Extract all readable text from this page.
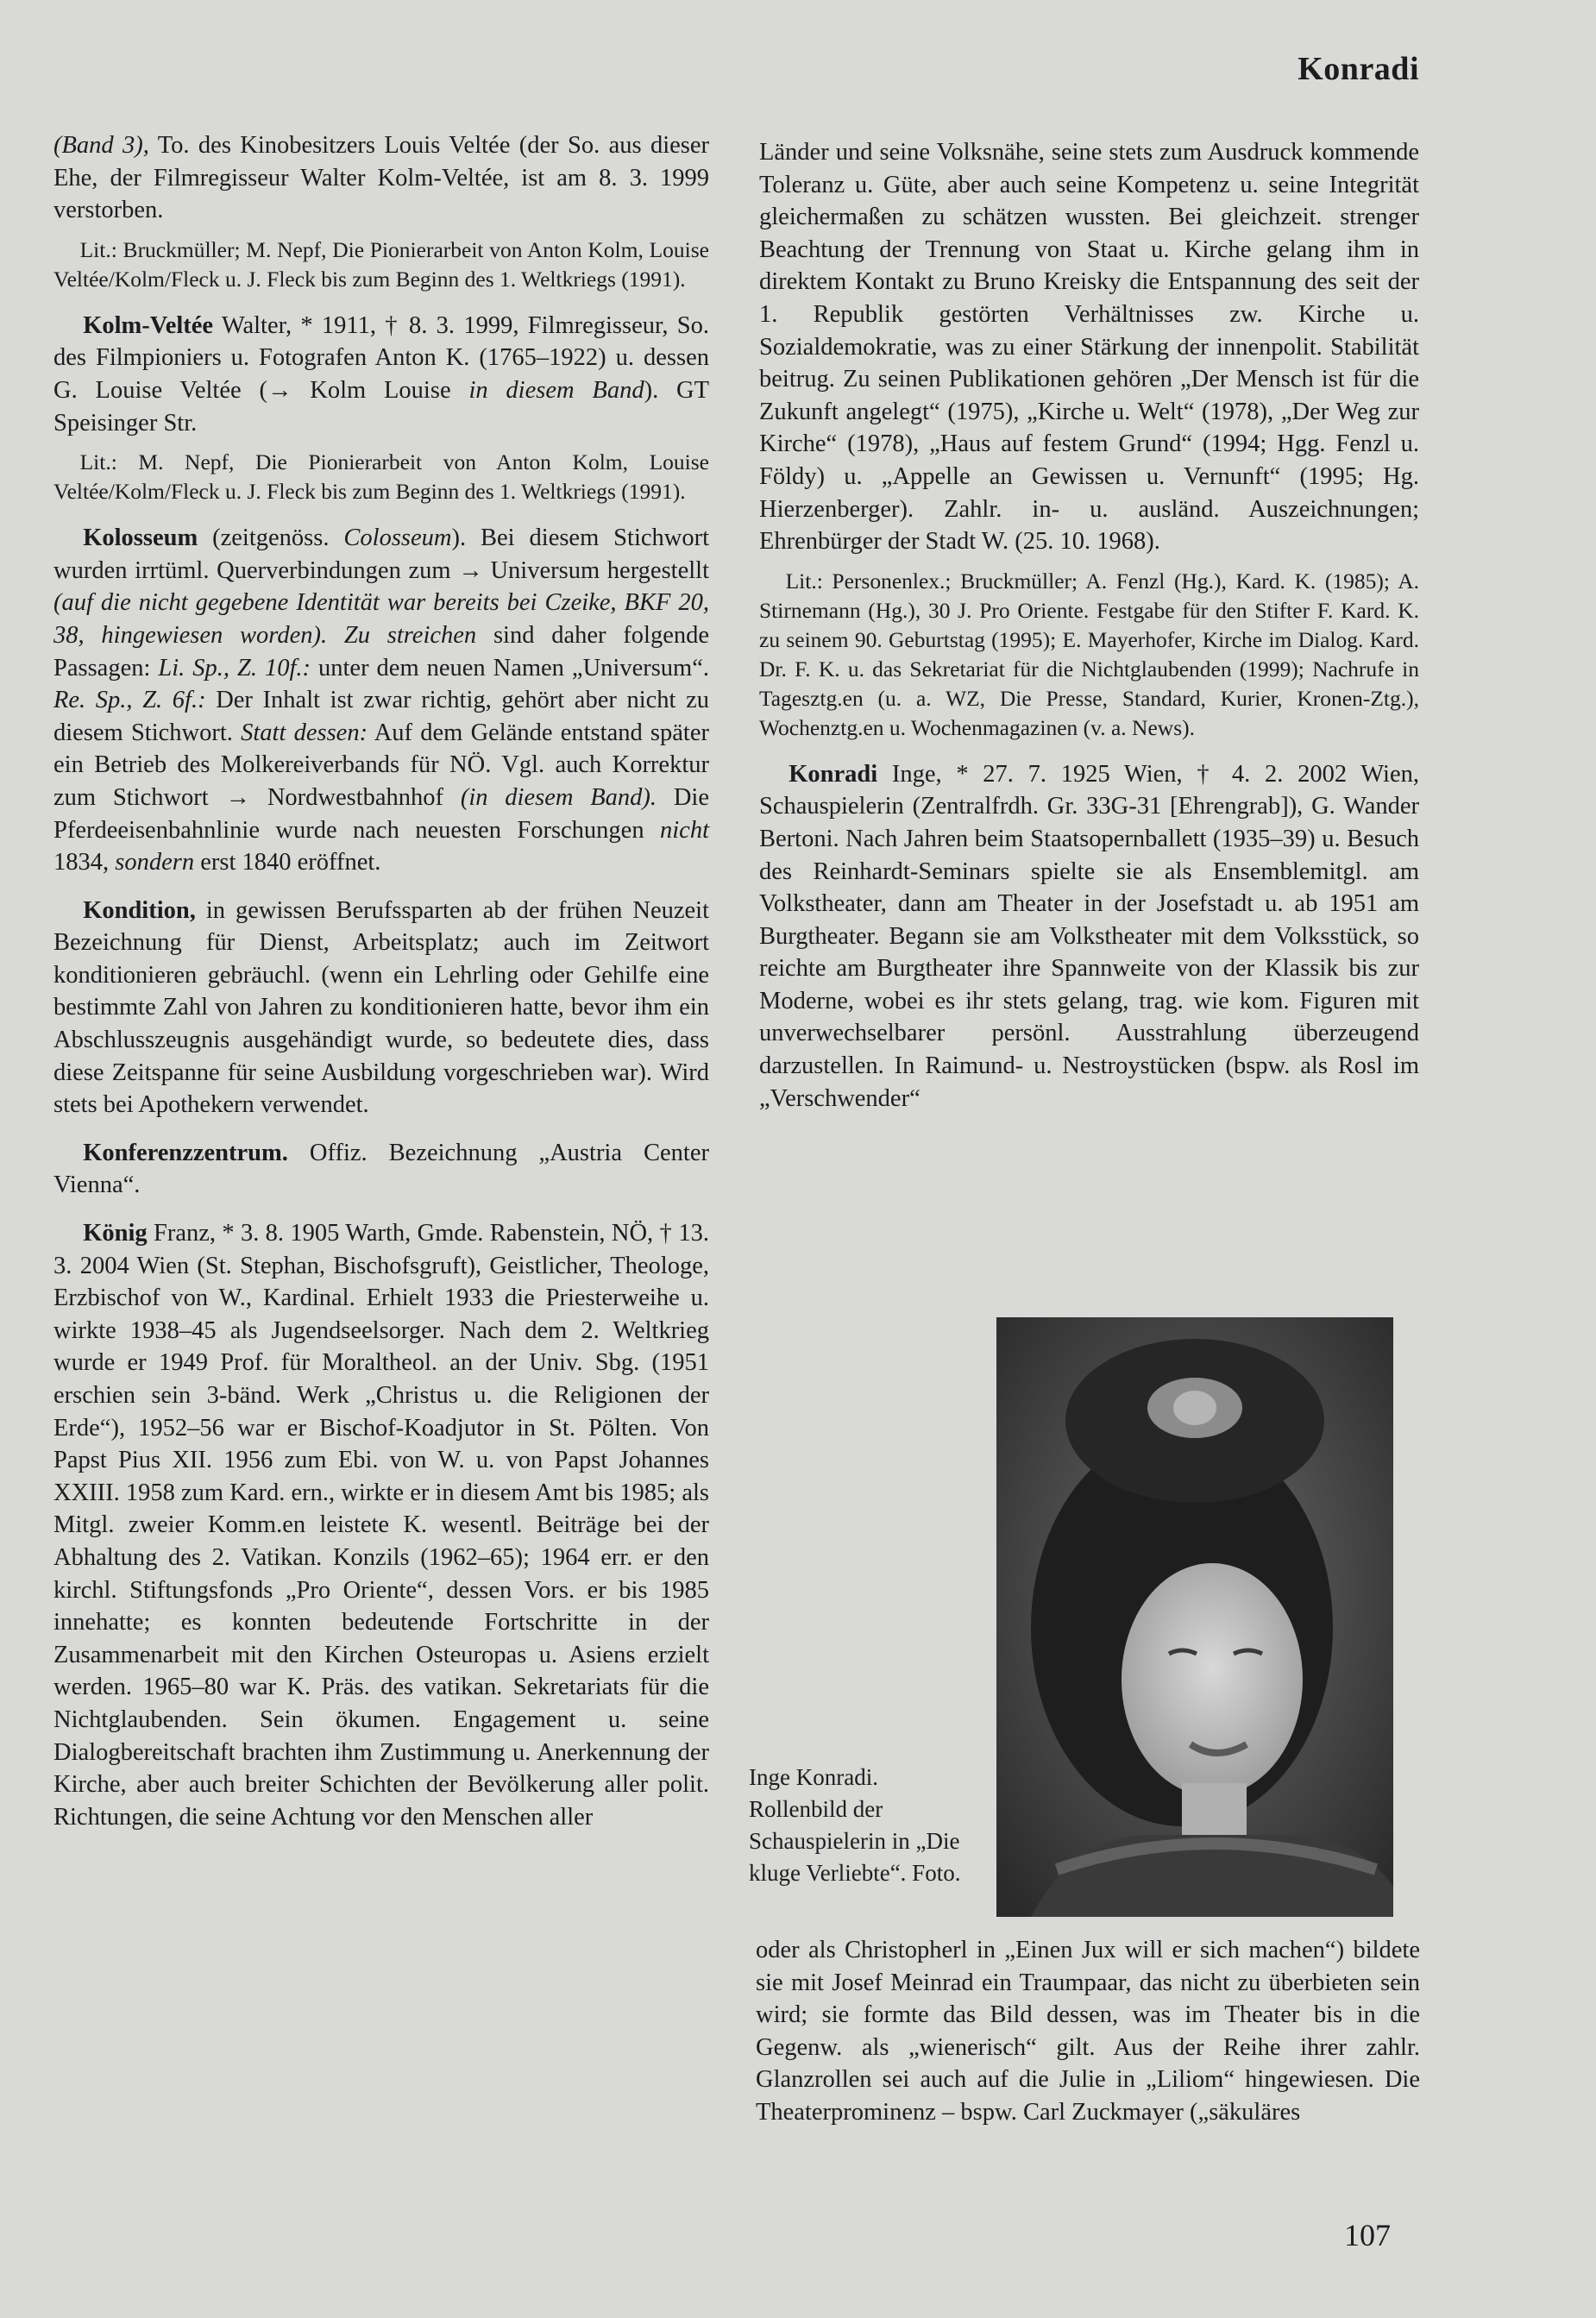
Konradi

(Band 3), To. des Kinobesitzers Louis Veltée (der So. aus dieser Ehe, der Filmregisseur Walter Kolm-Veltée, ist am 8. 3. 1999 verstorben.

Lit.: Bruckmüller; M. Nepf, Die Pionierarbeit von Anton Kolm, Louise Veltée/Kolm/Fleck u. J. Fleck bis zum Beginn des 1. Weltkriegs (1991).

Kolm-Veltée Walter, * 1911, † 8. 3. 1999, Filmregisseur, So. des Filmpioniers u. Fotografen Anton K. (1765–1922) u. dessen G. Louise Veltée (→ Kolm Louise in diesem Band). GT Speisinger Str.

Lit.: M. Nepf, Die Pionierarbeit von Anton Kolm, Louise Veltée/Kolm/Fleck u. J. Fleck bis zum Beginn des 1. Weltkriegs (1991).

Kolosseum (zeitgenöss. Colosseum). Bei diesem Stichwort wurden irrtüml. Querverbindungen zum → Universum hergestellt (auf die nicht gegebene Identität war bereits bei Czeike, BKF 20, 38, hingewiesen worden). Zu streichen sind daher folgende Passagen: Li. Sp., Z. 10f.: unter dem neuen Namen „Universum“. Re. Sp., Z. 6f.: Der Inhalt ist zwar richtig, gehört aber nicht zu diesem Stichwort. Statt dessen: Auf dem Gelände entstand später ein Betrieb des Molkereiverbands für NÖ. Vgl. auch Korrektur zum Stichwort → Nordwestbahnhof (in diesem Band). Die Pferdeeisenbahnlinie wurde nach neuesten Forschungen nicht 1834, sondern erst 1840 eröffnet.

Kondition, in gewissen Berufssparten ab der frühen Neuzeit Bezeichnung für Dienst, Arbeitsplatz; auch im Zeitwort konditionieren gebräuchl. (wenn ein Lehrling oder Gehilfe eine bestimmte Zahl von Jahren zu konditionieren hatte, bevor ihm ein Abschlusszeugnis ausgehändigt wurde, so bedeutete dies, dass diese Zeitspanne für seine Ausbildung vorgeschrieben war). Wird stets bei Apothekern verwendet.

Konferenzzentrum. Offiz. Bezeichnung „Austria Center Vienna“.

König Franz, * 3. 8. 1905 Warth, Gmde. Rabenstein, NÖ, † 13. 3. 2004 Wien (St. Stephan, Bischofsgruft), Geistlicher, Theologe, Erzbischof von W., Kardinal. Erhielt 1933 die Priesterweihe u. wirkte 1938–45 als Jugendseelsorger. Nach dem 2. Weltkrieg wurde er 1949 Prof. für Moraltheol. an der Univ. Sbg. (1951 erschien sein 3-bänd. Werk „Christus u. die Religionen der Erde“), 1952–56 war er Bischof-Koadjutor in St. Pölten. Von Papst Pius XII. 1956 zum Ebi. von W. u. von Papst Johannes XXIII. 1958 zum Kard. ern., wirkte er in diesem Amt bis 1985; als Mitgl. zweier Komm.en leistete K. wesentl. Beiträge bei der Abhaltung des 2. Vatikan. Konzils (1962–65); 1964 err. er den kirchl. Stiftungsfonds „Pro Oriente“, dessen Vors. er bis 1985 innehatte; es konnten bedeutende Fortschritte in der Zusammenarbeit mit den Kirchen Osteuropas u. Asiens erzielt werden. 1965–80 war K. Präs. des vatikan. Sekretariats für die Nichtglaubenden. Sein ökumen. Engagement u. seine Dialogbereitschaft brachten ihm Zustimmung u. Anerkennung der Kirche, aber auch breiter Schichten der Bevölkerung aller polit. Richtungen, die seine Achtung vor den Menschen aller

Länder und seine Volksnähe, seine stets zum Ausdruck kommende Toleranz u. Güte, aber auch seine Kompetenz u. seine Integrität gleichermaßen zu schätzen wussten. Bei gleichzeit. strenger Beachtung der Trennung von Staat u. Kirche gelang ihm in direktem Kontakt zu Bruno Kreisky die Entspannung des seit der 1. Republik gestörten Verhältnisses zw. Kirche u. Sozialdemokratie, was zu einer Stärkung der innenpolit. Stabilität beitrug. Zu seinen Publikationen gehören „Der Mensch ist für die Zukunft angelegt“ (1975), „Kirche u. Welt“ (1978), „Der Weg zur Kirche“ (1978), „Haus auf festem Grund“ (1994; Hgg. Fenzl u. Földy) u. „Appelle an Gewissen u. Vernunft“ (1995; Hg. Hierzenberger). Zahlr. in- u. ausländ. Auszeichnungen; Ehrenbürger der Stadt W. (25. 10. 1968).

Lit.: Personenlex.; Bruckmüller; A. Fenzl (Hg.), Kard. K. (1985); A. Stirnemann (Hg.), 30 J. Pro Oriente. Festgabe für den Stifter F. Kard. K. zu seinem 90. Geburtstag (1995); E. Mayerhofer, Kirche im Dialog. Kard. Dr. F. K. u. das Sekretariat für die Nichtglaubenden (1999); Nachrufe in Tagesztg.en (u. a. WZ, Die Presse, Standard, Kurier, Kronen-Ztg.), Wochenztg.en u. Wochenmagazinen (v. a. News).

Konradi Inge, * 27. 7. 1925 Wien, † 4. 2. 2002 Wien, Schauspielerin (Zentralfrdh. Gr. 33G-31 [Ehrengrab]), G. Wander Bertoni. Nach Jahren beim Staatsopernballett (1935–39) u. Besuch des Reinhardt-Seminars spielte sie als Ensemblemitgl. am Volkstheater, dann am Theater in der Josefstadt u. ab 1951 am Burgtheater. Begann sie am Volkstheater mit dem Volksstück, so reichte am Burgtheater ihre Spannweite von der Klassik bis zur Moderne, wobei es ihr stets gelang, trag. wie kom. Figuren mit unverwechselbarer persönl. Ausstrahlung überzeugend darzustellen. In Raimund- u. Nestroystücken (bspw. als Rosl im „Verschwender“

Inge Konradi. Rollenbild der Schauspielerin in „Die kluge Verliebte“. Foto.

oder als Christopherl in „Einen Jux will er sich machen“) bildete sie mit Josef Meinrad ein Traumpaar, das nicht zu überbieten sein wird; sie formte das Bild dessen, was im Theater bis in die Gegenw. als „wienerisch“ gilt. Aus der Reihe ihrer zahlr. Glanzrollen sei auch auf die Julie in „Liliom“ hingewiesen. Die Theaterprominenz – bspw. Carl Zuckmayer („säkuläres

107
